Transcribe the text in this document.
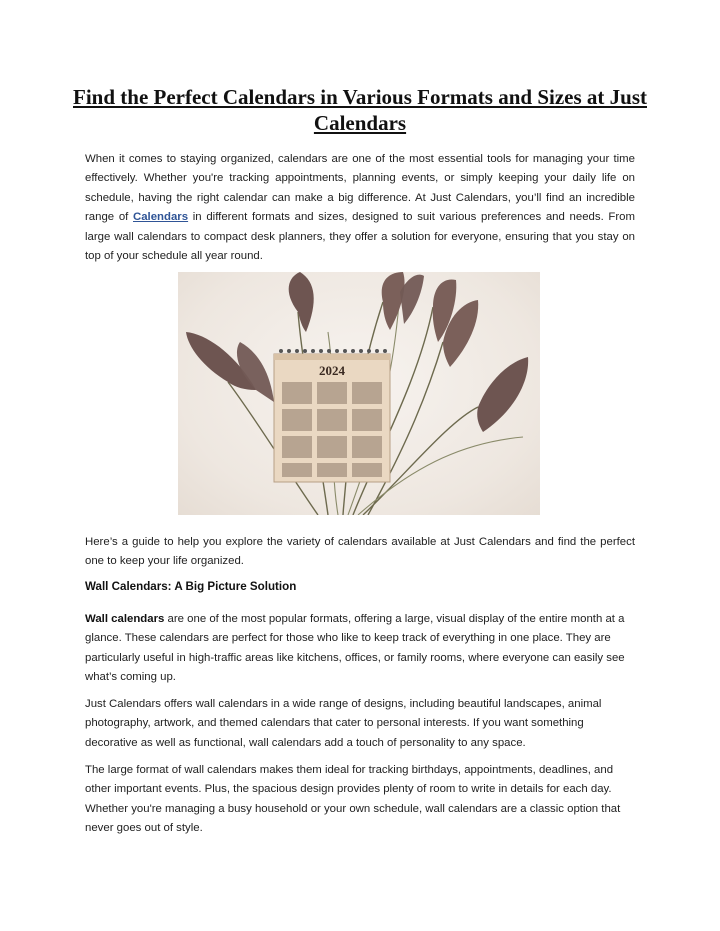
Find the Perfect Calendars in Various Formats and Sizes at Just Calendars

When it comes to staying organized, calendars are one of the most essential tools for managing your time effectively. Whether you're tracking appointments, planning events, or simply keeping your daily life on schedule, having the right calendar can make a big difference. At Just Calendars, you’ll find an incredible range of Calendars in different formats and sizes, designed to suit various preferences and needs. From large wall calendars to compact desk planners, they offer a solution for everyone, ensuring that you stay on top of your schedule all year round.

2024

Here’s a guide to help you explore the variety of calendars available at Just Calendars and find the perfect one to keep your life organized.

Wall Calendars: A Big Picture Solution

Wall calendars are one of the most popular formats, offering a large, visual display of the entire month at a glance. These calendars are perfect for those who like to keep track of everything in one place. They are particularly useful in high-traffic areas like kitchens, offices, or family rooms, where everyone can easily see what’s coming up.

Just Calendars offers wall calendars in a wide range of designs, including beautiful landscapes, animal photography, artwork, and themed calendars that cater to personal interests. If you want something decorative as well as functional, wall calendars add a touch of personality to any space.

The large format of wall calendars makes them ideal for tracking birthdays, appointments, deadlines, and other important events. Plus, the spacious design provides plenty of room to write in details for each day. Whether you're managing a busy household or your own schedule, wall calendars are a classic option that never goes out of style.
